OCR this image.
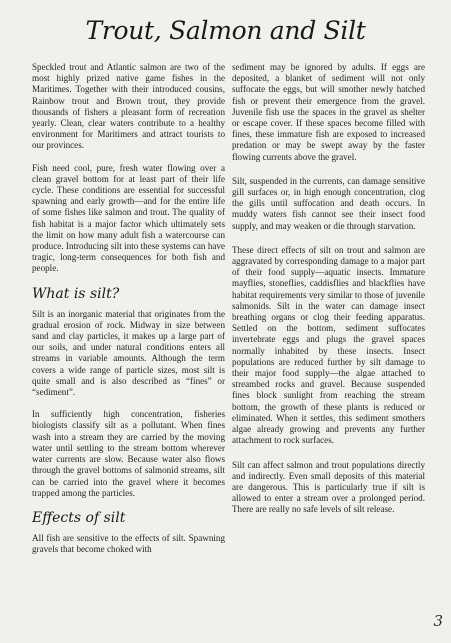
Trout, Salmon and Silt

Speckled trout and Atlantic salmon are two of the most highly prized native game fishes in the Maritimes. Together with their introduced cousins, Rainbow trout and Brown trout, they provide thousands of fishers a pleasant form of recreation yearly. Clean, clear waters contribute to a healthy environment for Maritimers and attract tourists to our provinces.

Fish need cool, pure, fresh water flowing over a clean gravel bottom for at least part of their life cycle. These conditions are essential for successful spawning and early growth—and for the entire life of some fishes like salmon and trout. The quality of fish habitat is a major factor which ultimately sets the limit on how many adult fish a watercourse can produce. Introducing silt into these systems can have tragic, long-term consequences for both fish and people.

What is silt?

Silt is an inorganic material that originates from the gradual erosion of rock. Midway in size between sand and clay particles, it makes up a large part of our soils, and under natural conditions enters all streams in variable amounts. Although the term covers a wide range of particle sizes, most silt is quite small and is also described as “fines” or “sediment”.

In sufficiently high concentration, fisheries biologists classify silt as a pollutant. When fines wash into a stream they are carried by the moving water until settling to the stream bottom wherever water currents are slow. Because water also flows through the gravel bottoms of salmonid streams, silt can be carried into the gravel where it becomes trapped among the particles.

Effects of silt

All fish are sensitive to the effects of silt. Spawning gravels that become choked with

sediment may be ignored by adults. If eggs are deposited, a blanket of sediment will not only suffocate the eggs, but will smother newly hatched fish or prevent their emergence from the gravel. Juvenile fish use the spaces in the gravel as shelter or escape cover. If these spaces become filled with fines, these immature fish are exposed to increased predation or may be swept away by the faster flowing currents above the gravel.

Silt, suspended in the currents, can damage sensitive gill surfaces or, in high enough concentration, clog the gills until suffocation and death occurs. In muddy waters fish cannot see their insect food supply, and may weaken or die through starvation.

These direct effects of silt on trout and salmon are aggravated by corresponding damage to a major part of their food supply—aquatic insects. Immature mayflies, stoneflies, caddisflies and blackflies have habitat requirements very similar to those of juvenile salmonids. Silt in the water can damage insect breathing organs or clog their feeding apparatus. Settled on the bottom, sediment suffocates invertebrate eggs and plugs the gravel spaces normally inhabited by these insects. Insect populations are reduced further by silt damage to their major food supply—the algae attached to streambed rocks and gravel. Because suspended fines block sunlight from reaching the stream bottom, the growth of these plants is reduced or eliminated. When it settles, this sediment smothers algae already growing and prevents any further attachment to rock surfaces.

Silt can affect salmon and trout populations directly and indirectly. Even small deposits of this material are dangerous. This is particularly true if silt is allowed to enter a stream over a prolonged period. There are really no safe levels of silt release.

3
